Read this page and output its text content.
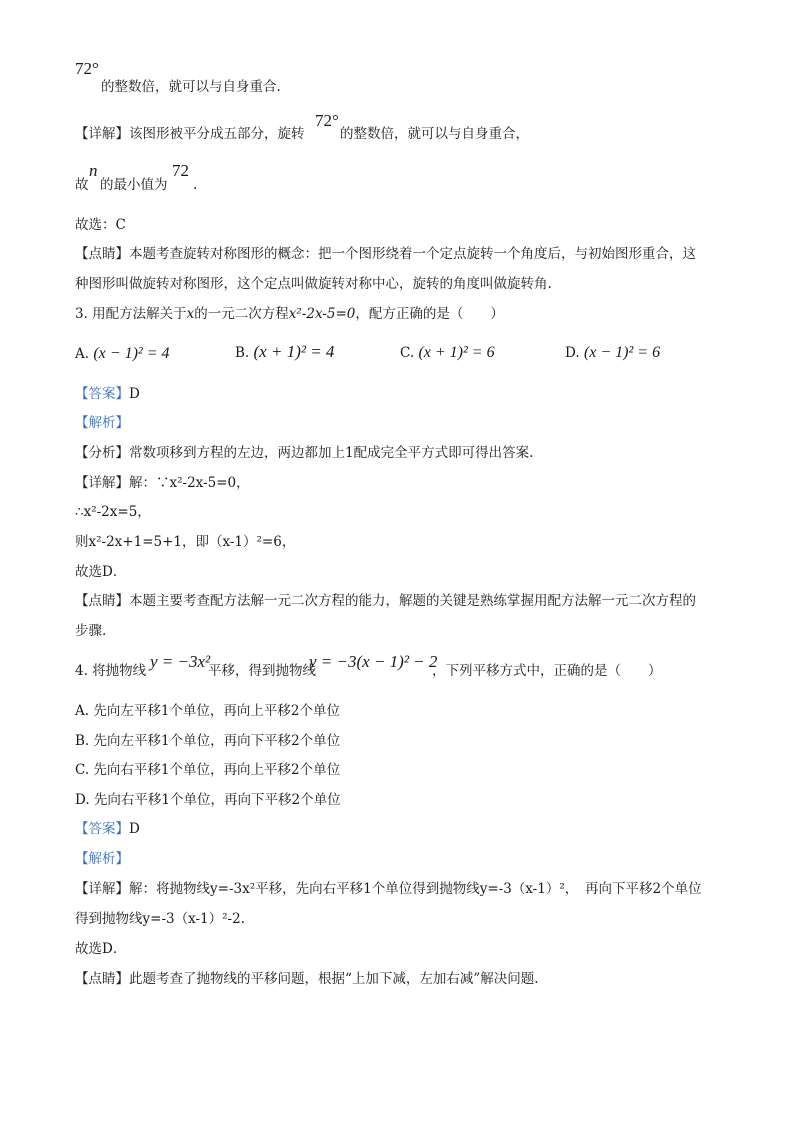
72°
的整数倍，就可以与自身重合.
【详解】该图形被平分成五部分，旋转
72°
的整数倍，就可以与自身重合，
故
n
的最小值为
72
.
故选：C
【点睛】本题考查旋转对称图形的概念：把一个图形绕着一个定点旋转一个角度后，与初始图形重合，这
种图形叫做旋转对称图形，这个定点叫做旋转对称中心，旋转的角度叫做旋转角.
3. 用配方法解关于x的一元二次方程x²-2x-5=0，配方正确的是（　　）
A. (x − 1)² = 4	B. (x + 1)² = 4	C. (x + 1)² = 6	D. (x − 1)² = 6
【答案】D
【解析】
【分析】常数项移到方程的左边，两边都加上1配成完全平方式即可得出答案.
【详解】解：∵x²-2x-5=0，
∴x²-2x=5，
则x²-2x+1=5+1，即（x-1）²=6，
故选D．
【点睛】本题主要考查配方法解一元二次方程的能力，解题的关键是熟练掌握用配方法解一元二次方程的
步骤.
4. 将抛物线 y = −3x²
平移，得到抛物线
y = −3(x − 1)² − 2
，下列平移方式中，正确的是（　　）
A. 先向左平移1个单位，再向上平移2个单位
B. 先向左平移1个单位，再向下平移2个单位
C. 先向右平移1个单位，再向上平移2个单位
D. 先向右平移1个单位，再向下平移2个单位
【答案】D
【解析】
【详解】解：将抛物线y=-3x²平移，先向右平移1个单位得到抛物线y=-3（x-1）²，　再向下平移2个单位
得到抛物线y=-3（x-1）²-2.
故选D．
【点睛】此题考查了抛物线的平移问题，根据“上加下减，左加右减”解决问题.
